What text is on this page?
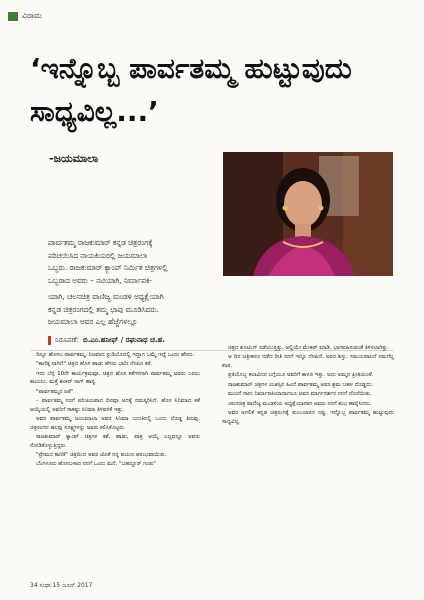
ವಿರಾಮ
‘ಇನ್ನೊಬ್ಬ ಪಾರ್ವತಮ್ಮ ಹುಟ್ಟುವುದು ಸಾಧ್ಯವಿಲ್ಲ...’
-ಜಯಮಾಲಾ

ಪಾರ್ವತಮ್ಮ ರಾಜಕುಮಾರ್ ಕನ್ನಡ ಚಿತ್ರರಂಗಕ್ಕೆ

ಪರಿಚಯಿಸಿದ ನಾಯಕಿಯರಲ್ಲಿ ಜಯಮಾಲಾ

ಒಬ್ಬರು. ರಾಜಕುಮಾರ್ ಕ್ಯಾಂಪ್ ನಿರ್ಮಿತ ಚಿತ್ರಗಳಲ್ಲಿ

ಒಬ್ಬರಾದ ಅವರು – ನಟಿಯಾಗಿ, ನಿರ್ಮಾಪಕಿ-

ಯಾಗಿ, ಚಲನಚಿತ್ರ ವಾಣಿಜ್ಯ ಮಂಡಳಿ ಅಧ್ಯಕ್ಷೆಯಾಗಿ

ಕನ್ನಡ ಚಿತ್ರರಂಗದಲ್ಲಿ ತಮ್ಮ ಛಾಪು ಮೂಡಿಸಿದರು.

ಜಯಮಾಲಾ ಅವರ ಎಲ್ಲ ಹೆಜ್ಜೆಗಳಲ್ಲೂ

ನಿರೂಪಣೆ: ಬಿ.ಎಂ.ಹನೀಫ್ / ರಘುನಾಥ ಚ.ಹ.

ದಿನ್ನೂ ಹೊಸಬ ಪಾರ್ವತಮ್ಮ. ನಿಜವಾದ ಸ್ಟುಡಿಯೊದಲ್ಲಿ ಇದ್ದಾಗ ಒಮ್ಮೆ ಇದ್ದೆ ಒಂದು ಹೆಸರು.

"ಕಾಣಿಕ್ಕ ನಾಗಿಣಿ" ಚಿತ್ರದ ಹೊಸ ಹಾಡು ಹೆಸರು ಭಾರೀ ನೆನಪಿನ ಕತೆ.

ಇದು ಬೆಳ್ಳಿ 10ನೇ ಕಾರ್ಯಕ್ರಮವೂ. ಚಿತ್ರದ ಹೊಸ ಕತೆಗಳಿಗಾಗಿ ಪಾರ್ವತಮ್ಮ ಅವರು ಬರಲು ಕಾಯಲು. ಮತ್ತೆ ಶಂಕರ್ ನಾಗ್ ಹಾಸ್ಯ.

"ಪಾರ್ವತಮ್ಮರ ಜತೆ"

– ಪಾರ್ವತಮ್ಮ ನನಗೆ ಪರಿಚಯವಾದ ದಿನವೂ ಅದಕ್ಕೆ ನಮಸ್ಕರಿಸಿದೆ. ಹೊಸ ಸಿನಿಮಾದ ಕತೆ ಆಯ್ಕೆಯಲ್ಲಿ ಅವರಿಗೆ ಸಾಕಷ್ಟು ಸಿನಿಮಾ ತಿಳಿವಳಿಕೆ ಇತ್ತು.

ಅವರ ಪಾರ್ವತಮ್ಮ ಜಯಮಾಲಾ ಅವರ ಸಿನಿಮಾ ಬದುಕಿನಲ್ಲಿ ಒಂದು ದೊಡ್ಡ ತಿರುವು. ಚಿತ್ರರಂಗದ ಹಲವು ಸೂಕ್ಷ್ಮಗಳನ್ನು ಅವರು ಕಲಿಸಿಕೊಟ್ಟರು.

ರಾಜಕುಮಾರ್ ಕ್ಯಾಂಪ್ ಚಿತ್ರಗಳ ಕತೆ, ಹಾಡು, ಪಾತ್ರ ಆಯ್ಕೆ ಎಲ್ಲವನ್ನೂ ಅವರು ನೋಡಿಕೊಳ್ಳುತ್ತಿದ್ದರು.

"ಪ್ರೇಮದ ಕಾಣಿಕೆ" ಚಿತ್ರದಿಂದ ಅವರ ಜೊತೆ ನನ್ನ ಪಯಣ ಆರಂಭವಾಯಿತು.

ಬೆಂಗಳೂರು ಹೊಸಬಳಾದ ನನಗೆ ಒಂದು ಮನೆ, "ಬಹದ್ದೂರ್ ಗಂಡು"

ಚಿತ್ರದ ಶೂಟಿಂಗ್ ನಡೆಯುತ್ತಿತ್ತು. ಅಲ್ಲಿಯೇ ಮೇಕಪ್ ಮಾಡಿ, ಭಾಗವಹಿಸುವಂತೆ ತಿಳಿಸಲಾಗಿತ್ತು.

ಆ ದಿನ ಚಿತ್ರೀಕರಣ ನಡೆದ ರೀತಿ ನನಗೆ ಇನ್ನೂ ನೆನಪಿದೆ. ಅವರ ಶಿಸ್ತು, ಸಮಯಪಾಲನೆ ನಮಗೆಲ್ಲ ಪಾಠ.

ಪ್ರತಿಯೊಬ್ಬ ಕಲಾವಿದರ ಬಗ್ಗೆಯೂ ಅವರಿಗೆ ಕಾಳಜಿ ಇತ್ತು. ಅದು ಅಮ್ಮನ ಪ್ರೀತಿಯಂತೆ.

ರಾಜಕುಮಾರ್ ಚಿತ್ರಗಳ ಯಶಸ್ಸಿನ ಹಿಂದೆ ಪಾರ್ವತಮ್ಮ ಅವರ ಶ್ರಮ ಬಹಳ ದೊಡ್ಡದು.

ಮುಂದೆ ನಾನು ನಿರ್ಮಾಪಕಿಯಾದಾಗಲೂ ಅವರ ಮಾರ್ಗದರ್ಶನ ನನಗೆ ದೊರೆಯಿತು.

ಚಲನಚಿತ್ರ ವಾಣಿಜ್ಯ ಮಂಡಳಿಯ ಅಧ್ಯಕ್ಷೆಯಾದಾಗ ಅವರು ನನಗೆ ಶುಭ ಹಾರೈಸಿದರು.

ಅವರ ಅಗಲಿಕೆ ಕನ್ನಡ ಚಿತ್ರರಂಗಕ್ಕೆ ತುಂಬಲಾರದ ನಷ್ಟ. ಇನ್ನೊಬ್ಬ ಪಾರ್ವತಮ್ಮ ಹುಟ್ಟುವುದು ಸಾಧ್ಯವಿಲ್ಲ.

34 ಸುಧಾ 15 ಜೂನ್ 2017
